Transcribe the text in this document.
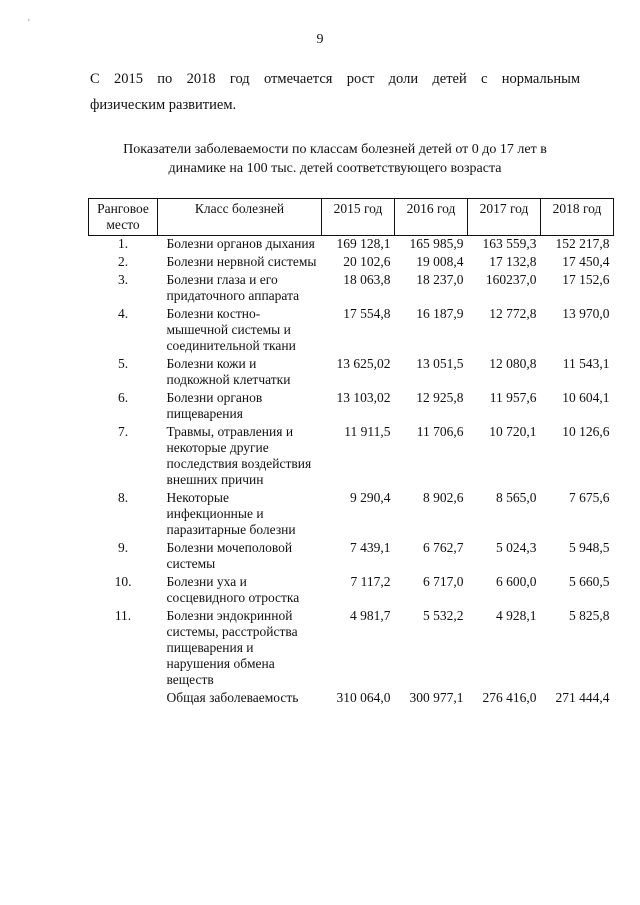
9
С 2015 по 2018 год отмечается рост доли детей с нормальным
физическим развитием.
Показатели заболеваемости по классам болезней детей от 0 до 17 лет в
динамике на 100 тыс. детей соответствующего возраста
Ранговое место	Класс болезней	2015 год	2016 год	2017 год	2018 год
1.	Болезни органов дыхания	169 128,1	165 985,9	163 559,3	152 217,8
2.	Болезни нервной системы	20 102,6	19 008,4	17 132,8	17 450,4
3.	Болезни глаза и его придаточного аппарата	18 063,8	18 237,0	160237,0	17 152,6
4.	Болезни костно-мышечной системы и соединительной ткани	17 554,8	16 187,9	12 772,8	13 970,0
5.	Болезни кожи и подкожной клетчатки	13 625,02	13 051,5	12 080,8	11 543,1
6.	Болезни органов пищеварения	13 103,02	12 925,8	11 957,6	10 604,1
7.	Травмы, отравления и некоторые другие последствия воздействия внешних причин	11 911,5	11 706,6	10 720,1	10 126,6
8.	Некоторые инфекционные и паразитарные болезни	9 290,4	8 902,6	8 565,0	7 675,6
9.	Болезни мочеполовой системы	7 439,1	6 762,7	5 024,3	5 948,5
10.	Болезни уха и сосцевидного отростка	7 117,2	6 717,0	6 600,0	5 660,5
11.	Болезни эндокринной системы, расстройства пищеварения и нарушения обмена веществ	4 981,7	5 532,2	4 928,1	5 825,8
	Общая заболеваемость	310 064,0	300 977,1	276 416,0	271 444,4
'
